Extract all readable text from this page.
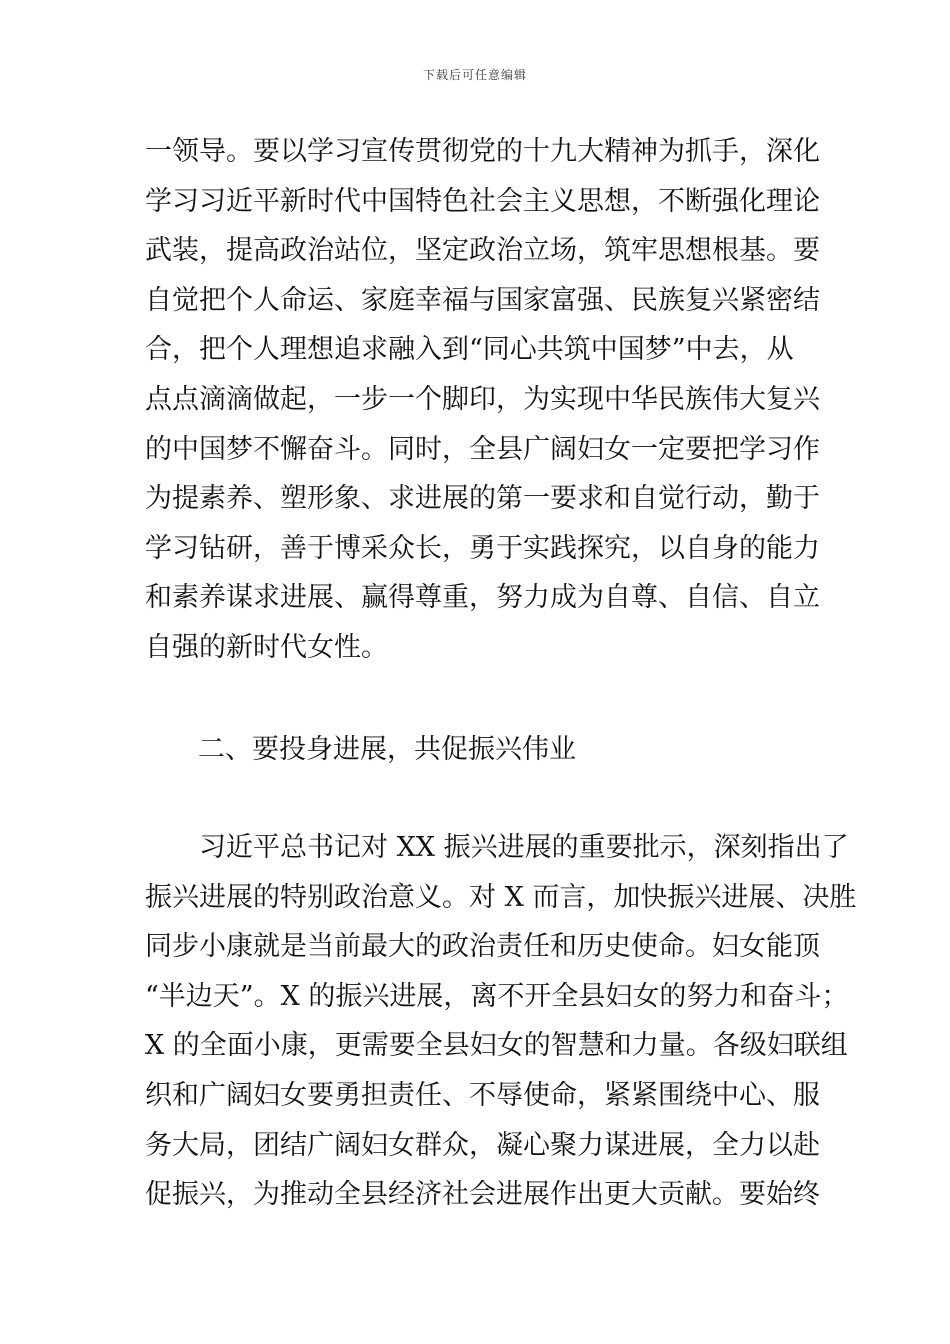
下载后可任意编辑
一领导。要以学习宣传贯彻党的十九大精神为抓手，深化
学习习近平新时代中国特色社会主义思想，不断强化理论
武装，提高政治站位，坚定政治立场，筑牢思想根基。要
自觉把个人命运、家庭幸福与国家富强、民族复兴紧密结
合，把个人理想追求融入到“同心共筑中国梦”中去，从
点点滴滴做起，一步一个脚印，为实现中华民族伟大复兴
的中国梦不懈奋斗。同时，全县广阔妇女一定要把学习作
为提素养、塑形象、求进展的第一要求和自觉行动，勤于
学习钻研，善于博采众长，勇于实践探究，以自身的能力
和素养谋求进展、赢得尊重，努力成为自尊、自信、自立
自强的新时代女性。
二、要投身进展，共促振兴伟业
　　习近平总书记对 XX 振兴进展的重要批示，深刻指出了
振兴进展的特别政治意义。对 X 而言，加快振兴进展、决胜
同步小康就是当前最大的政治责任和历史使命。妇女能顶
“半边天”。X 的振兴进展，离不开全县妇女的努力和奋斗；
X 的全面小康，更需要全县妇女的智慧和力量。各级妇联组
织和广阔妇女要勇担责任、不辱使命，紧紧围绕中心、服
务大局，团结广阔妇女群众，凝心聚力谋进展，全力以赴
促振兴，为推动全县经济社会进展作出更大贡献。要始终
